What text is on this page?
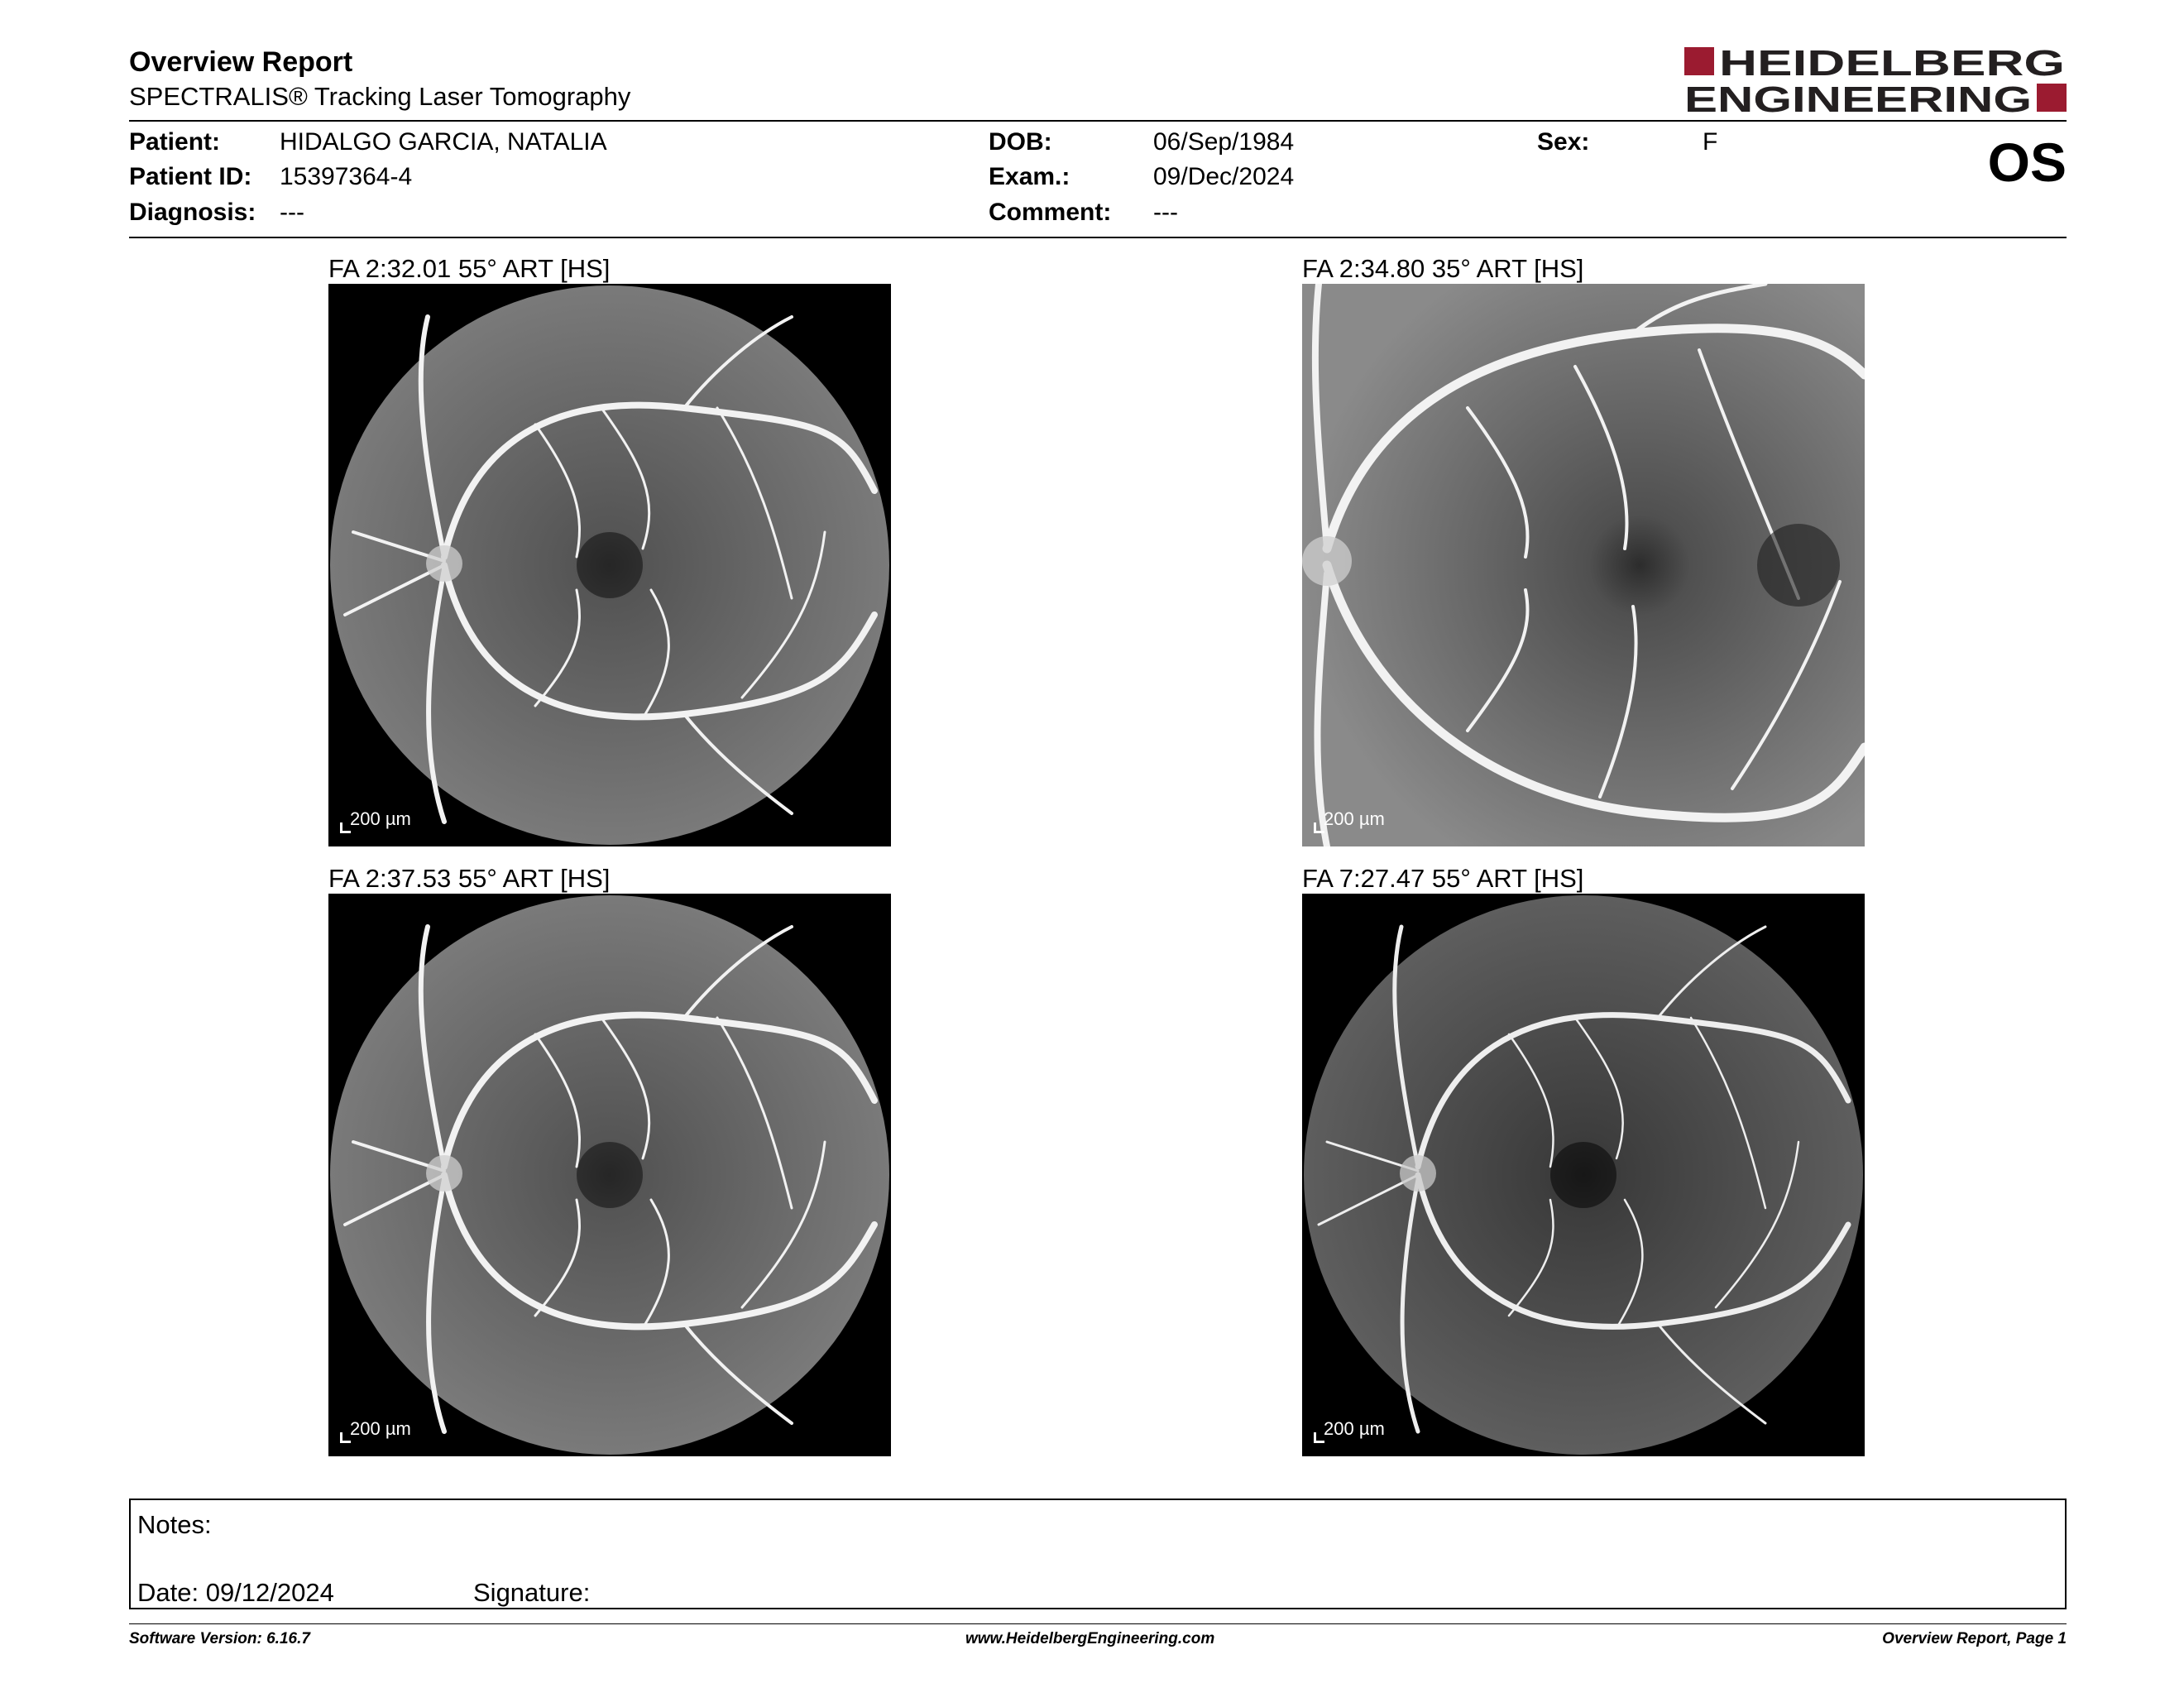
Overview Report
SPECTRALIS® Tracking Laser Tomography
HEIDELBERG
ENGINEERING
Patient: HIDALGO GARCIA, NATALIA
Patient ID: 15397364-4
Diagnosis: ---
DOB:	06/Sep/1984
Exam.:	09/Dec/2024
Comment: ---
Sex:	F	OS
FA 2:32.01 55° ART [HS]
200 µm
FA 2:34.80 35° ART [HS]
200 µm
FA 2:37.53 55° ART [HS]
200 µm
FA 7:27.47 55° ART [HS]
200 µm
Notes:
Date: 09/12/2024	Signature:
Software Version: 6.16.7	www.HeidelbergEngineering.com	Overview Report, Page 1
